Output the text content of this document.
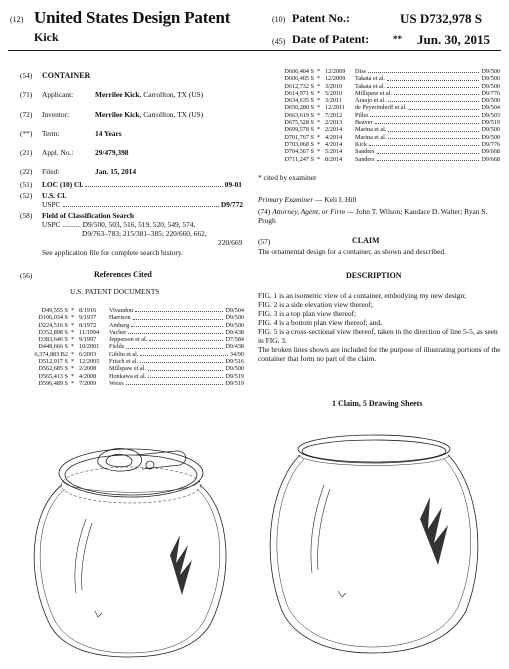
(12) United States Design Patent
Kick
(10) Patent No.:	US D732,978 S
(45) Date of Patent:	** Jun. 30, 2015
(54) CONTAINER
(71) Applicant:	Merrilee Kick, Carrollton, TX (US)
(72) Inventor:	Merrilee Kick, Carrollton, TX (US)
(**) Term:	14 Years
(21) Appl. No.:	29/479,398
(22) Filed:	Jan. 15, 2014
(51)	LOC (10) Cl.	09-01
(52) U.S. Cl.
USPC	D9/772
(58) Field of Classification Search
USPC .......... D9/500, 503, 516, 519, 520, 549, 574,
D9/763–783; 215/381–385; 220/660, 662,
220/669
See application file for complete search history.
(56)	References Cited
U.S. PATENT DOCUMENTS
D49,555 S * 8/1916	Vivaudou	D9/504
D106,034 S * 9/1937	Harrison	D9/500
D224,516 S * 8/1972	Amberg	D9/500
D352,898 S * 11/1994	Vacher	D9/438
D383,646 S * 9/1997	Jepperson et al.	D7/584
D448,666 S * 10/2001	Fields	D9/438
6,374,883 B2 * 6/2003	Giblin et al.	34/90
D512,917 S * 12/2005	Frisch et al.	D9/516
D562,685 S * 2/2008	Millspaw et al.	D9/500
D565,413 S * 4/2008	Honkawa et al.	D9/519
D596,489 S * 7/2009	Weiss	D9/519
D606,404 S * 12/2009	Diss	D9/500
D606,405 S * 12/2009	Takata et al.	D9/500
D612,732 S * 3/2010	Takata et al.	D9/500
D614,971 S * 5/2010	Millspaw et al.	D9/776
D634,635 S * 3/2011	Araujo et al.	D9/500
D650,280 S * 12/2011	de Peyerimhoff et al.	D9/504
D663,619 S * 7/2012	Pillet	D9/503
D675,528 S * 2/2013	Beaver	D9/519
D699,578 S * 2/2014	Marina et al.	D9/500
D701,767 S * 4/2014	Marina et al.	D9/500
D703,068 S * 4/2014	Kick	D9/776
D704,567 S * 5/2014	Sanders	D9/668
D711,247 S * 8/2014	Sanders	D9/668
* cited by examiner
Primary Examiner — Keli L Hill
(74) Attorney, Agent, or Firm — John T. Wilson; Kandace D. Walter; Ryan S. Prugh
(57)	CLAIM
The ornamental design for a container, as shown and described.
DESCRIPTION

FIG. 1 is an isometric view of a container, embodying my new design;

FIG. 2 is a side elevation view thereof;

FIG. 3 is a top plan view thereof;

FIG. 4 is a bottom plan view thereof; and,

FIG. 5 is a cross-sectional view thereof, taken in the direction of line 5-5, as seen in FIG. 3.

The broken lines shown are included for the purpose of illustrating portions of the container that form no part of the claim.

1 Claim, 5 Drawing Sheets
